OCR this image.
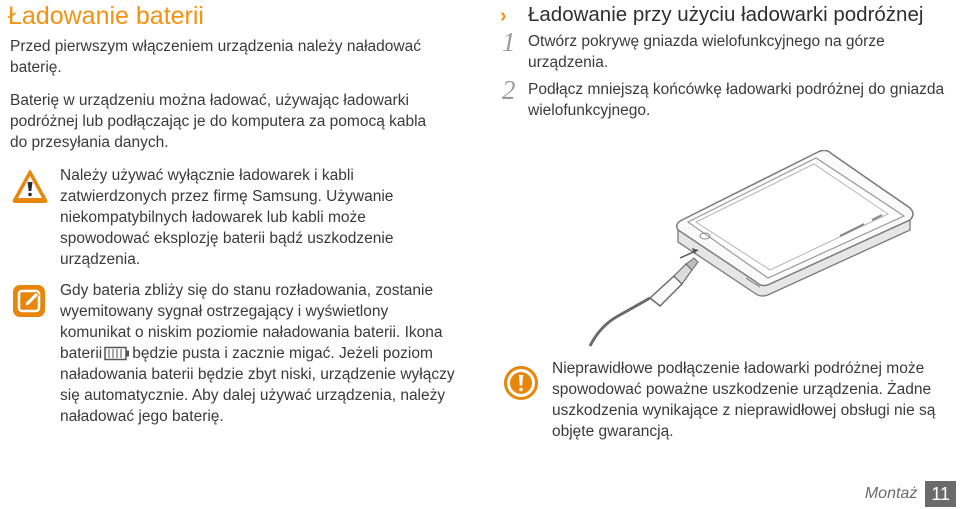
Ładowanie baterii

Przed pierwszym włączeniem urządzenia należy naładować baterię.

Baterię w urządzeniu można ładować, używając ładowarki podróżnej lub podłączając je do komputera za pomocą kabla do przesyłania danych.

Należy używać wyłącznie ładowarek i kabli zatwierdzonych przez firmę Samsung. Używanie niekompatybilnych ładowarek lub kabli może spowodować eksplozję baterii bądź uszkodzenie urządzenia.

Gdy bateria zbliży się do stanu rozładowania, zostanie wyemitowany sygnał ostrzegający i wyświetlony komunikat o niskim poziomie naładowania baterii. Ikona baterii będzie pusta i zacznie migać. Jeżeli poziom naładowania baterii będzie zbyt niski, urządzenie wyłączy się automatycznie. Aby dalej używać urządzenia, należy naładować jego baterię.

› Ładowanie przy użyciu ładowarki podróżnej
1 Otwórz pokrywę gniazda wielofunkcyjnego na górze urządzenia.

2 Podłącz mniejszą końcówkę ładowarki podróżnej do gniazda wielofunkcyjnego.

Nieprawidłowe podłączenie ładowarki podróżnej może spowodować poważne uszkodzenie urządzenia. Żadne uszkodzenia wynikające z nieprawidłowej obsługi nie są objęte gwarancją.

Montaż 11
